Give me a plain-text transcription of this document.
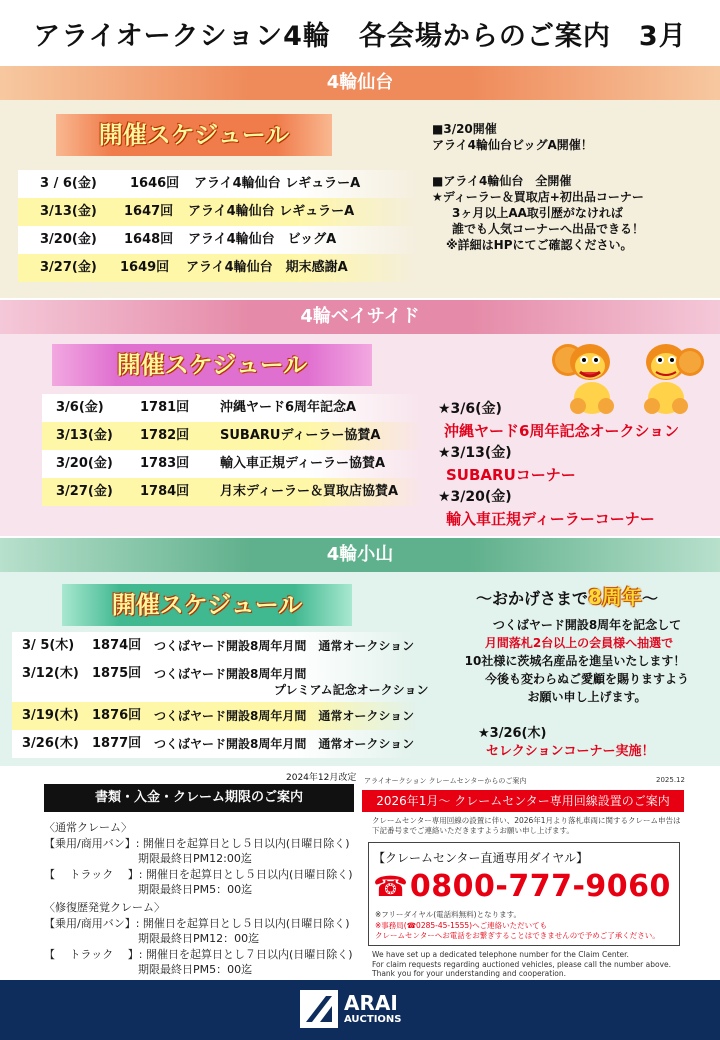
アライオークション4輪　各会場からのご案内　3月
4輪仙台
開催スケジュール
3 / 6(金)	1646回 アライ4輪仙台 レギュラーA
3/13(金) 1647回 アライ4輪仙台 レギュラーA
3/20(金) 1648回 アライ4輪仙台　ビッグA
3/27(金) 1649回 アライ4輪仙台　期末感謝A
■3/20開催
アライ4輪仙台ビッグA開催！
■アライ4輪仙台　全開催
★ディーラー＆買取店+初出品コーナー
3ヶ月以上AA取引歴がなければ
誰でも人気コーナーへ出品できる！
※詳細はHPにてご確認ください。
4輪ベイサイド
開催スケジュール
3/6(金)	1781回 沖縄ヤード6周年記念A
3/13(金) 1782回 SUBARUディーラー協賛A
3/20(金) 1783回 輸入車正規ディーラー協賛A
3/27(金) 1784回 月末ディーラー＆買取店協賛A
★3/6(金)
沖縄ヤード6周年記念オークション
★3/13(金)
SUBARUコーナー
★3/20(金)
輸入車正規ディーラーコーナー
4輪小山
開催スケジュール
3/ 5(木) 1874回 つくばヤード開設8周年月間　通常オークション
3/12(木) 1875回 つくばヤード開設8周年月間
プレミアム記念オークション
3/19(木) 1876回 つくばヤード開設8周年月間　通常オークション
3/26(木) 1877回 つくばヤード開設8周年月間　通常オークション
～おかげさまで8周年～
つくばヤード開設8周年を記念して
月間落札2台以上の会員様へ抽選で
10社様に茨城名産品を進呈いたします！
今後も変わらぬご愛顧を賜りますよう
お願い申し上げます。
★3/26(木)
セレクションコーナー実施！
2024年12月改定
書類・入金・クレーム期限のご案内
〈通常クレーム〉
【乗用/商用バン】: 開催日を起算日とし５日以内(日曜日除く)
期限最終日PM12:00迄
【　 トラック　 】: 開催日を起算日とし５日以内(日曜日除く)
期限最終日PM5：00迄
〈修復歴発覚クレーム〉
【乗用/商用バン】: 開催日を起算日とし５日以内(日曜日除く)
期限最終日PM12：00迄
【　 トラック　 】: 開催日を起算日とし７日以内(日曜日除く)
期限最終日PM5：00迄
アライオークション クレームセンターからのご案内	2025.12
2026年1月～ クレームセンター専用回線設置のご案内
クレームセンター専用回線の設置に伴い、2026年1月より落札車両に関するクレーム申告は
下記番号までご連絡いただきますようお願い申し上げます。
【クレームセンター直通専用ダイヤル】
☎ 0800-777-9060
※フリーダイヤル(電話料無料)となります。
※事務局(☎0285-45-1555)へご連絡いただいても
クレームセンターへお電話をお繋ぎすることはできませんので予めご了承ください。
We have set up a dedicated telephone number for the Claim Center.
For claim requests regarding auctioned vehicles, please call the number above.
Thank you for your understanding and cooperation.
ARAI
AUCTIONS
